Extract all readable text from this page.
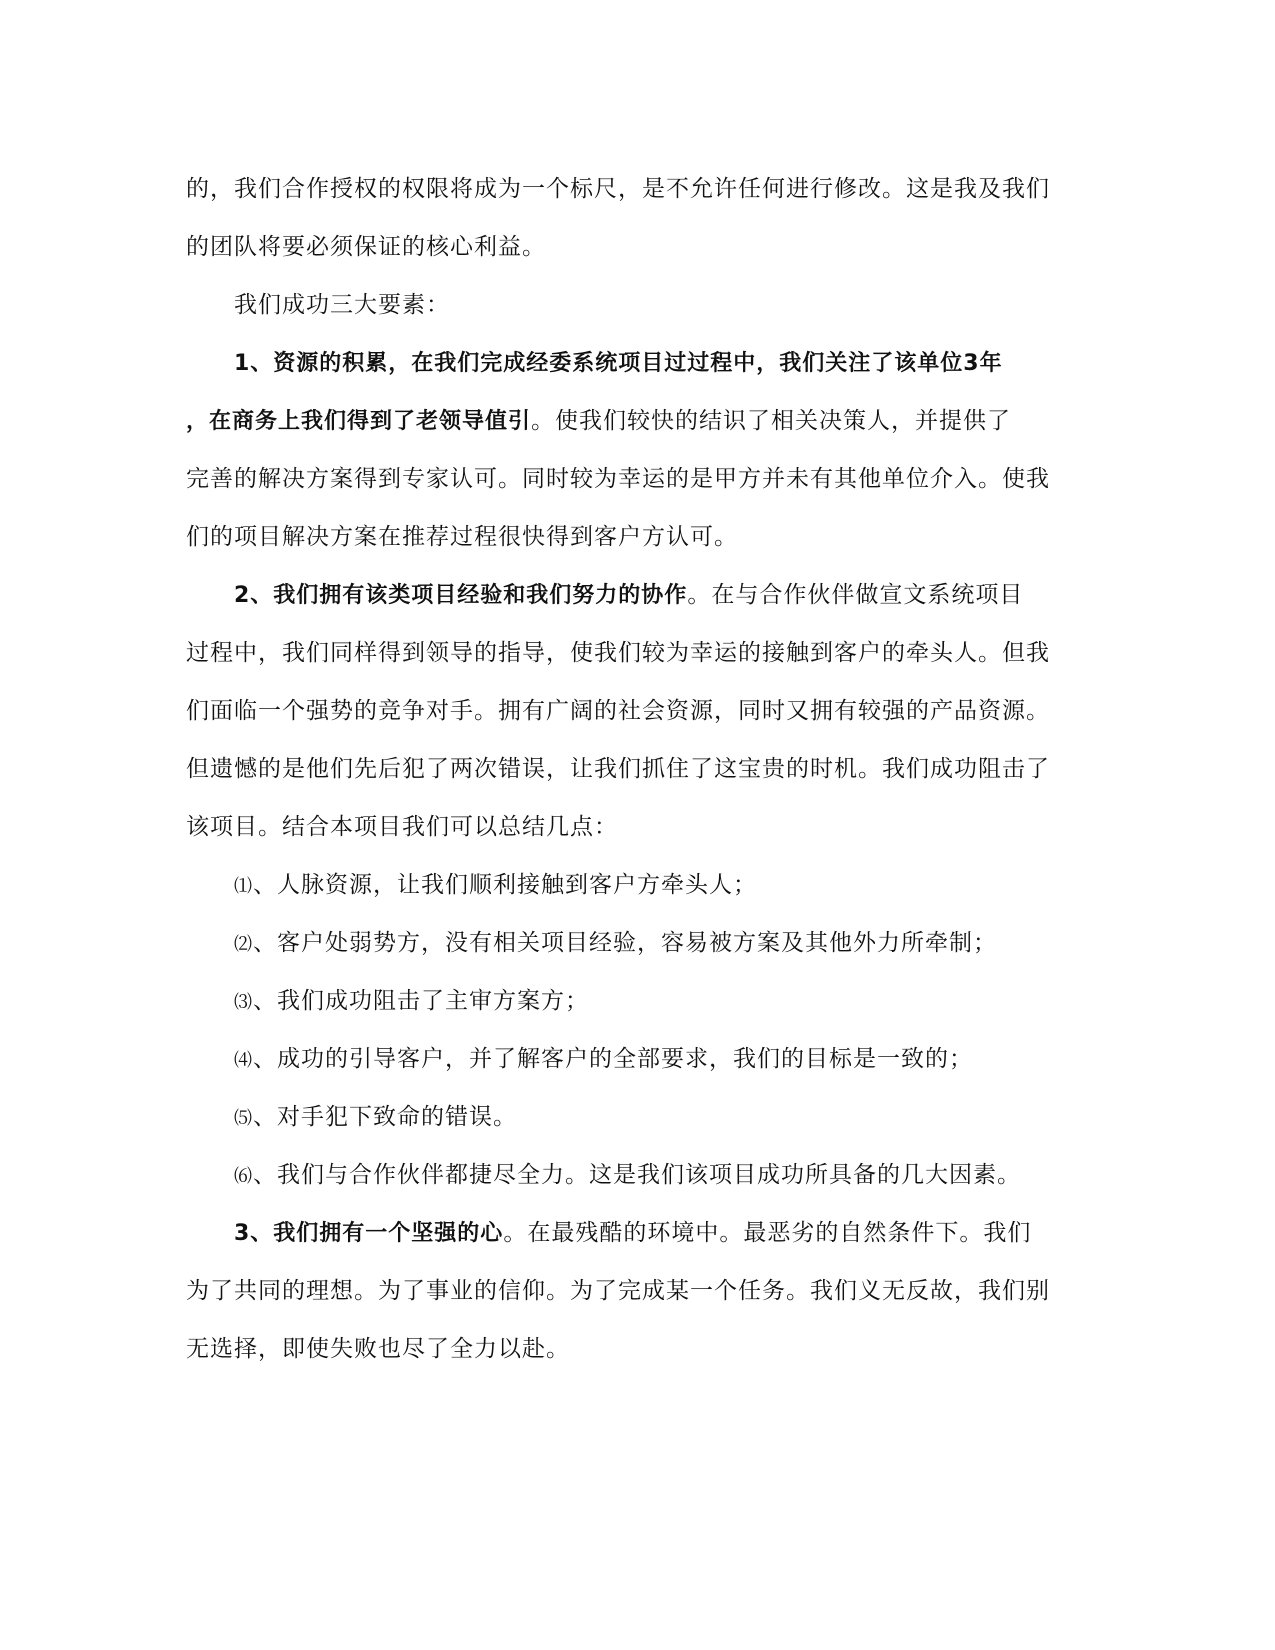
的，我们合作授权的权限将成为一个标尺，是不允许任何进行修改。这是我及我们
的团队将要必须保证的核心利益。
我们成功三大要素：
1、资源的积累，在我们完成经委系统项目过过程中，我们关注了该单位3年
，在商务上我们得到了老领导值引。使我们较快的结识了相关决策人，并提供了
完善的解决方案得到专家认可。同时较为幸运的是甲方并未有其他单位介入。使我
们的项目解决方案在推荐过程很快得到客户方认可。
2、我们拥有该类项目经验和我们努力的协作。在与合作伙伴做宣文系统项目
过程中，我们同样得到领导的指导，使我们较为幸运的接触到客户的牵头人。但我
们面临一个强势的竞争对手。拥有广阔的社会资源，同时又拥有较强的产品资源。
但遗憾的是他们先后犯了两次错误，让我们抓住了这宝贵的时机。我们成功阻击了
该项目。结合本项目我们可以总结几点：
⑴、人脉资源，让我们顺利接触到客户方牵头人；
⑵、客户处弱势方，没有相关项目经验，容易被方案及其他外力所牵制；
⑶、我们成功阻击了主审方案方；
⑷、成功的引导客户，并了解客户的全部要求，我们的目标是一致的；
⑸、对手犯下致命的错误。
⑹、我们与合作伙伴都捷尽全力。这是我们该项目成功所具备的几大因素。
3、我们拥有一个坚强的心。在最残酷的环境中。最恶劣的自然条件下。我们
为了共同的理想。为了事业的信仰。为了完成某一个任务。我们义无反故，我们别
无选择，即使失败也尽了全力以赴。
